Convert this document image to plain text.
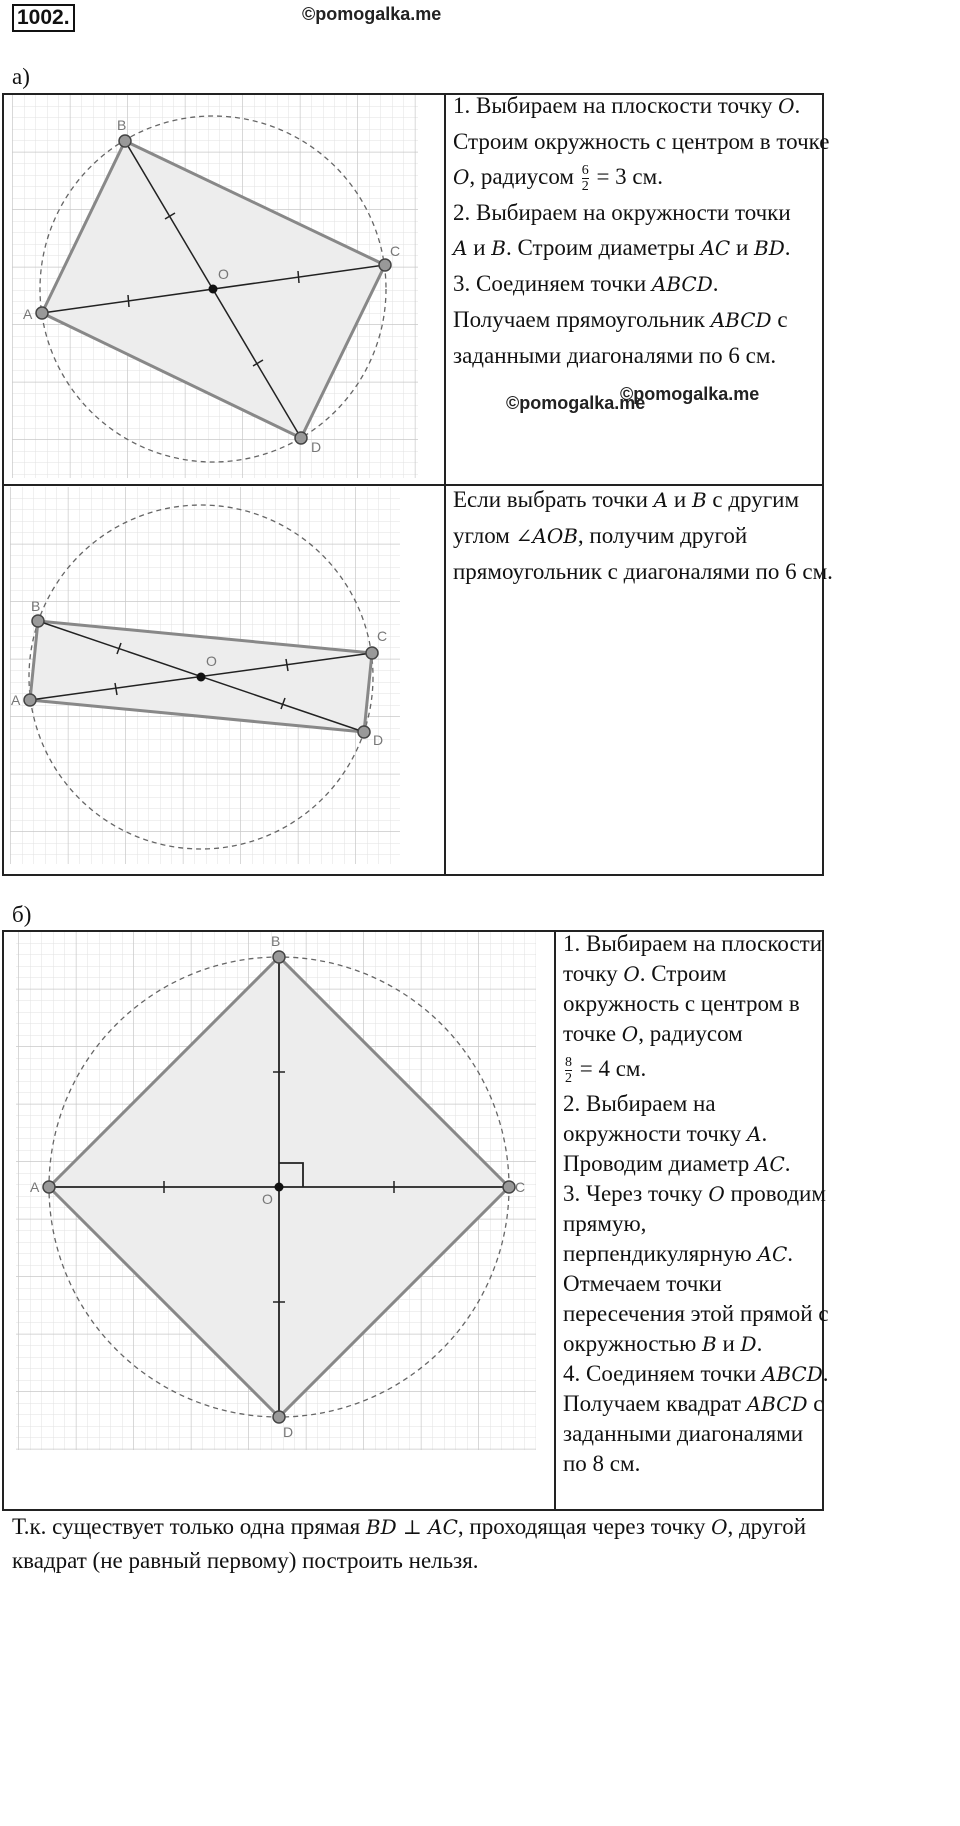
1002.	©pomogalka.me
а)
A
B
C
D
O
1. Выбираем на плоскости точку O.
Строим окружность с центром в точке
O, радиусом $\frac{6}{2} = 3$ см.
2. Выбираем на окружности точки
A и B. Строим диаметры AC и BD.
3. Соединяем точки ABCD.
Получаем прямоугольник ABCD с
заданными диагоналями по 6 см.
©pomogalka.me
©pomogalka.me
A
B
C
D
O
Если выбрать точки A и B с другим
углом ∠AOB, получим другой
прямоугольник с диагоналями по 6 см.
б)
A
B
C
D
O
1. Выбираем на плоскости
точку O. Строим
окружность с центром в
точке O, радиусом
$\frac{8}{2} = 4$ см.
2. Выбираем на
окружности точку A.
Проводим диаметр AC.
3. Через точку O проводим
прямую,
перпендикулярную AC.
Отмечаем точки
пересечения этой прямой с
окружностью B и D.
4. Соединяем точки ABCD.
Получаем квадрат ABCD с
заданными диагоналями
по 8 см.
Т.к. существует только одна прямая BD ⊥ AC, проходящая через точку O, другой
квадрат (не равный первому) построить нельзя.
